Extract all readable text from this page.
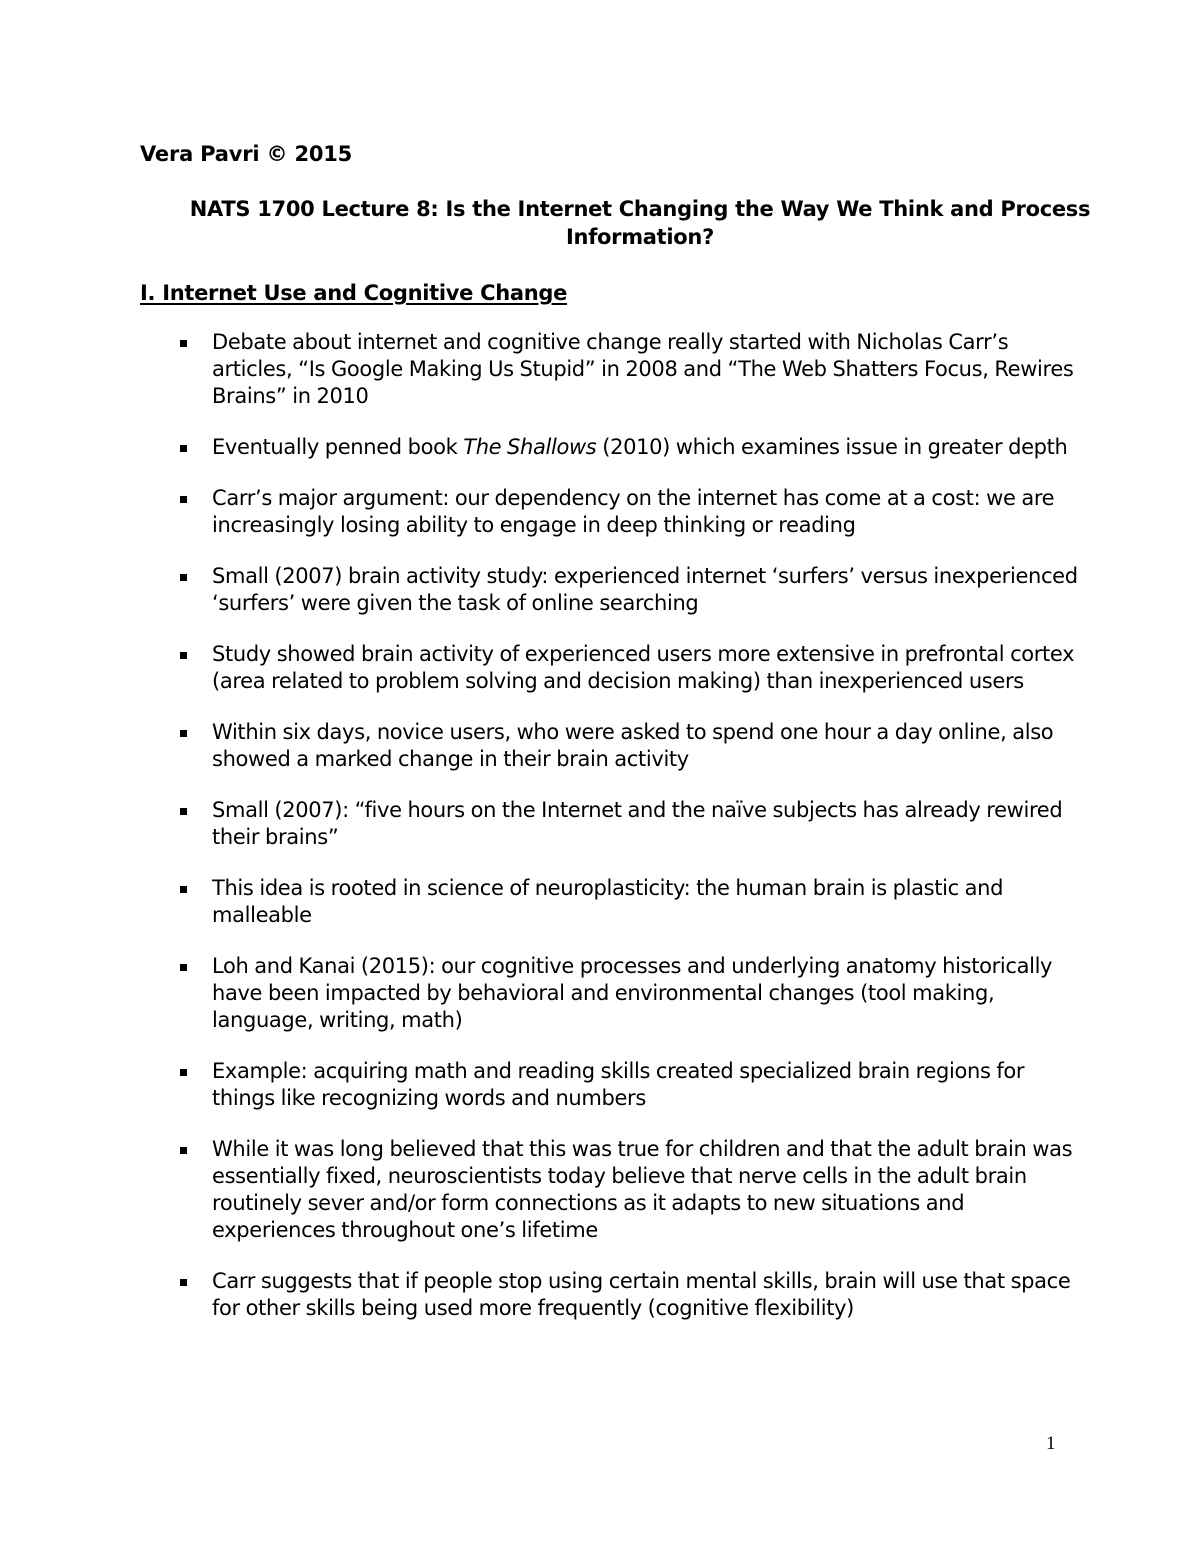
Vera Pavri © 2015
NATS 1700 Lecture 8: Is the Internet Changing the Way We Think and Process
Information?
I. Internet Use and Cognitive Change
Debate about internet and cognitive change really started with Nicholas Carr’s articles, “Is Google Making Us Stupid” in 2008 and “The Web Shatters Focus, Rewires Brains” in 2010
Eventually penned book The Shallows (2010) which examines issue in greater depth
Carr’s major argument: our dependency on the internet has come at a cost: we are increasingly losing ability to engage in deep thinking or reading
Small (2007) brain activity study: experienced internet ‘surfers’ versus inexperienced ‘surfers’ were given the task of online searching
Study showed brain activity of experienced users more extensive in prefrontal cortex (area related to problem solving and decision making) than inexperienced users
Within six days, novice users, who were asked to spend one hour a day online, also showed a marked change in their brain activity
Small (2007): “five hours on the Internet and the naïve subjects has already rewired their brains”
This idea is rooted in science of neuroplasticity: the human brain is plastic and malleable
Loh and Kanai (2015): our cognitive processes and underlying anatomy historically have been impacted by behavioral and environmental changes (tool making, language, writing, math)
Example: acquiring math and reading skills created specialized brain regions for things like recognizing words and numbers
While it was long believed that this was true for children and that the adult brain was essentially fixed, neuroscientists today believe that nerve cells in the adult brain routinely sever and/or form connections as it adapts to new situations and experiences throughout one’s lifetime
Carr suggests that if people stop using certain mental skills, brain will use that space for other skills being used more frequently (cognitive flexibility)
1
